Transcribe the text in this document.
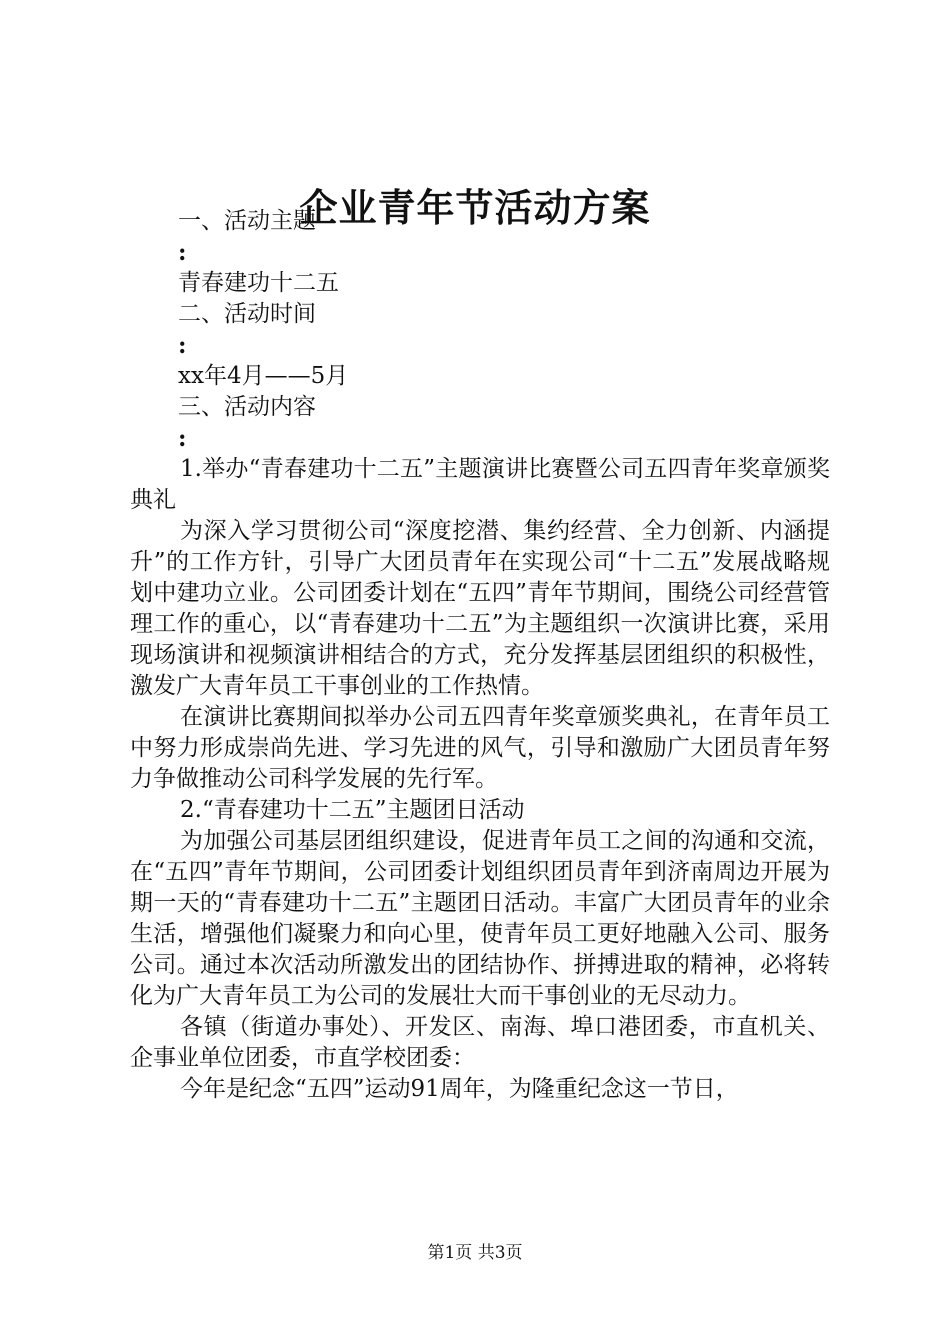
企业青年节活动方案

一、活动主题

:

青春建功十二五

二、活动时间

:

xx年4月——5月

三、活动内容

:

1.举办“青春建功十二五”主题演讲比赛暨公司五四青年奖章颁奖典礼

为深入学习贯彻公司“深度挖潜、集约经营、全力创新、内涵提升”的工作方针，引导广大团员青年在实现公司“十二五”发展战略规划中建功立业。公司团委计划在“五四”青年节期间，围绕公司经营管理工作的重心，以“青春建功十二五”为主题组织一次演讲比赛，采用现场演讲和视频演讲相结合的方式，充分发挥基层团组织的积极性，激发广大青年员工干事创业的工作热情。

在演讲比赛期间拟举办公司五四青年奖章颁奖典礼，在青年员工中努力形成崇尚先进、学习先进的风气，引导和激励广大团员青年努力争做推动公司科学发展的先行军。

2.“青春建功十二五”主题团日活动

为加强公司基层团组织建设，促进青年员工之间的沟通和交流，在“五四”青年节期间，公司团委计划组织团员青年到济南周边开展为期一天的“青春建功十二五”主题团日活动。丰富广大团员青年的业余生活，增强他们凝聚力和向心里，使青年员工更好地融入公司、服务公司。通过本次活动所激发出的团结协作、拼搏进取的精神，必将转化为广大青年员工为公司的发展壮大而干事创业的无尽动力。

各镇（街道办事处）、开发区、南海、埠口港团委，市直机关、企事业单位团委，市直学校团委：

今年是纪念“五四”运动91周年，为隆重纪念这一节日，

第1页 共3页
